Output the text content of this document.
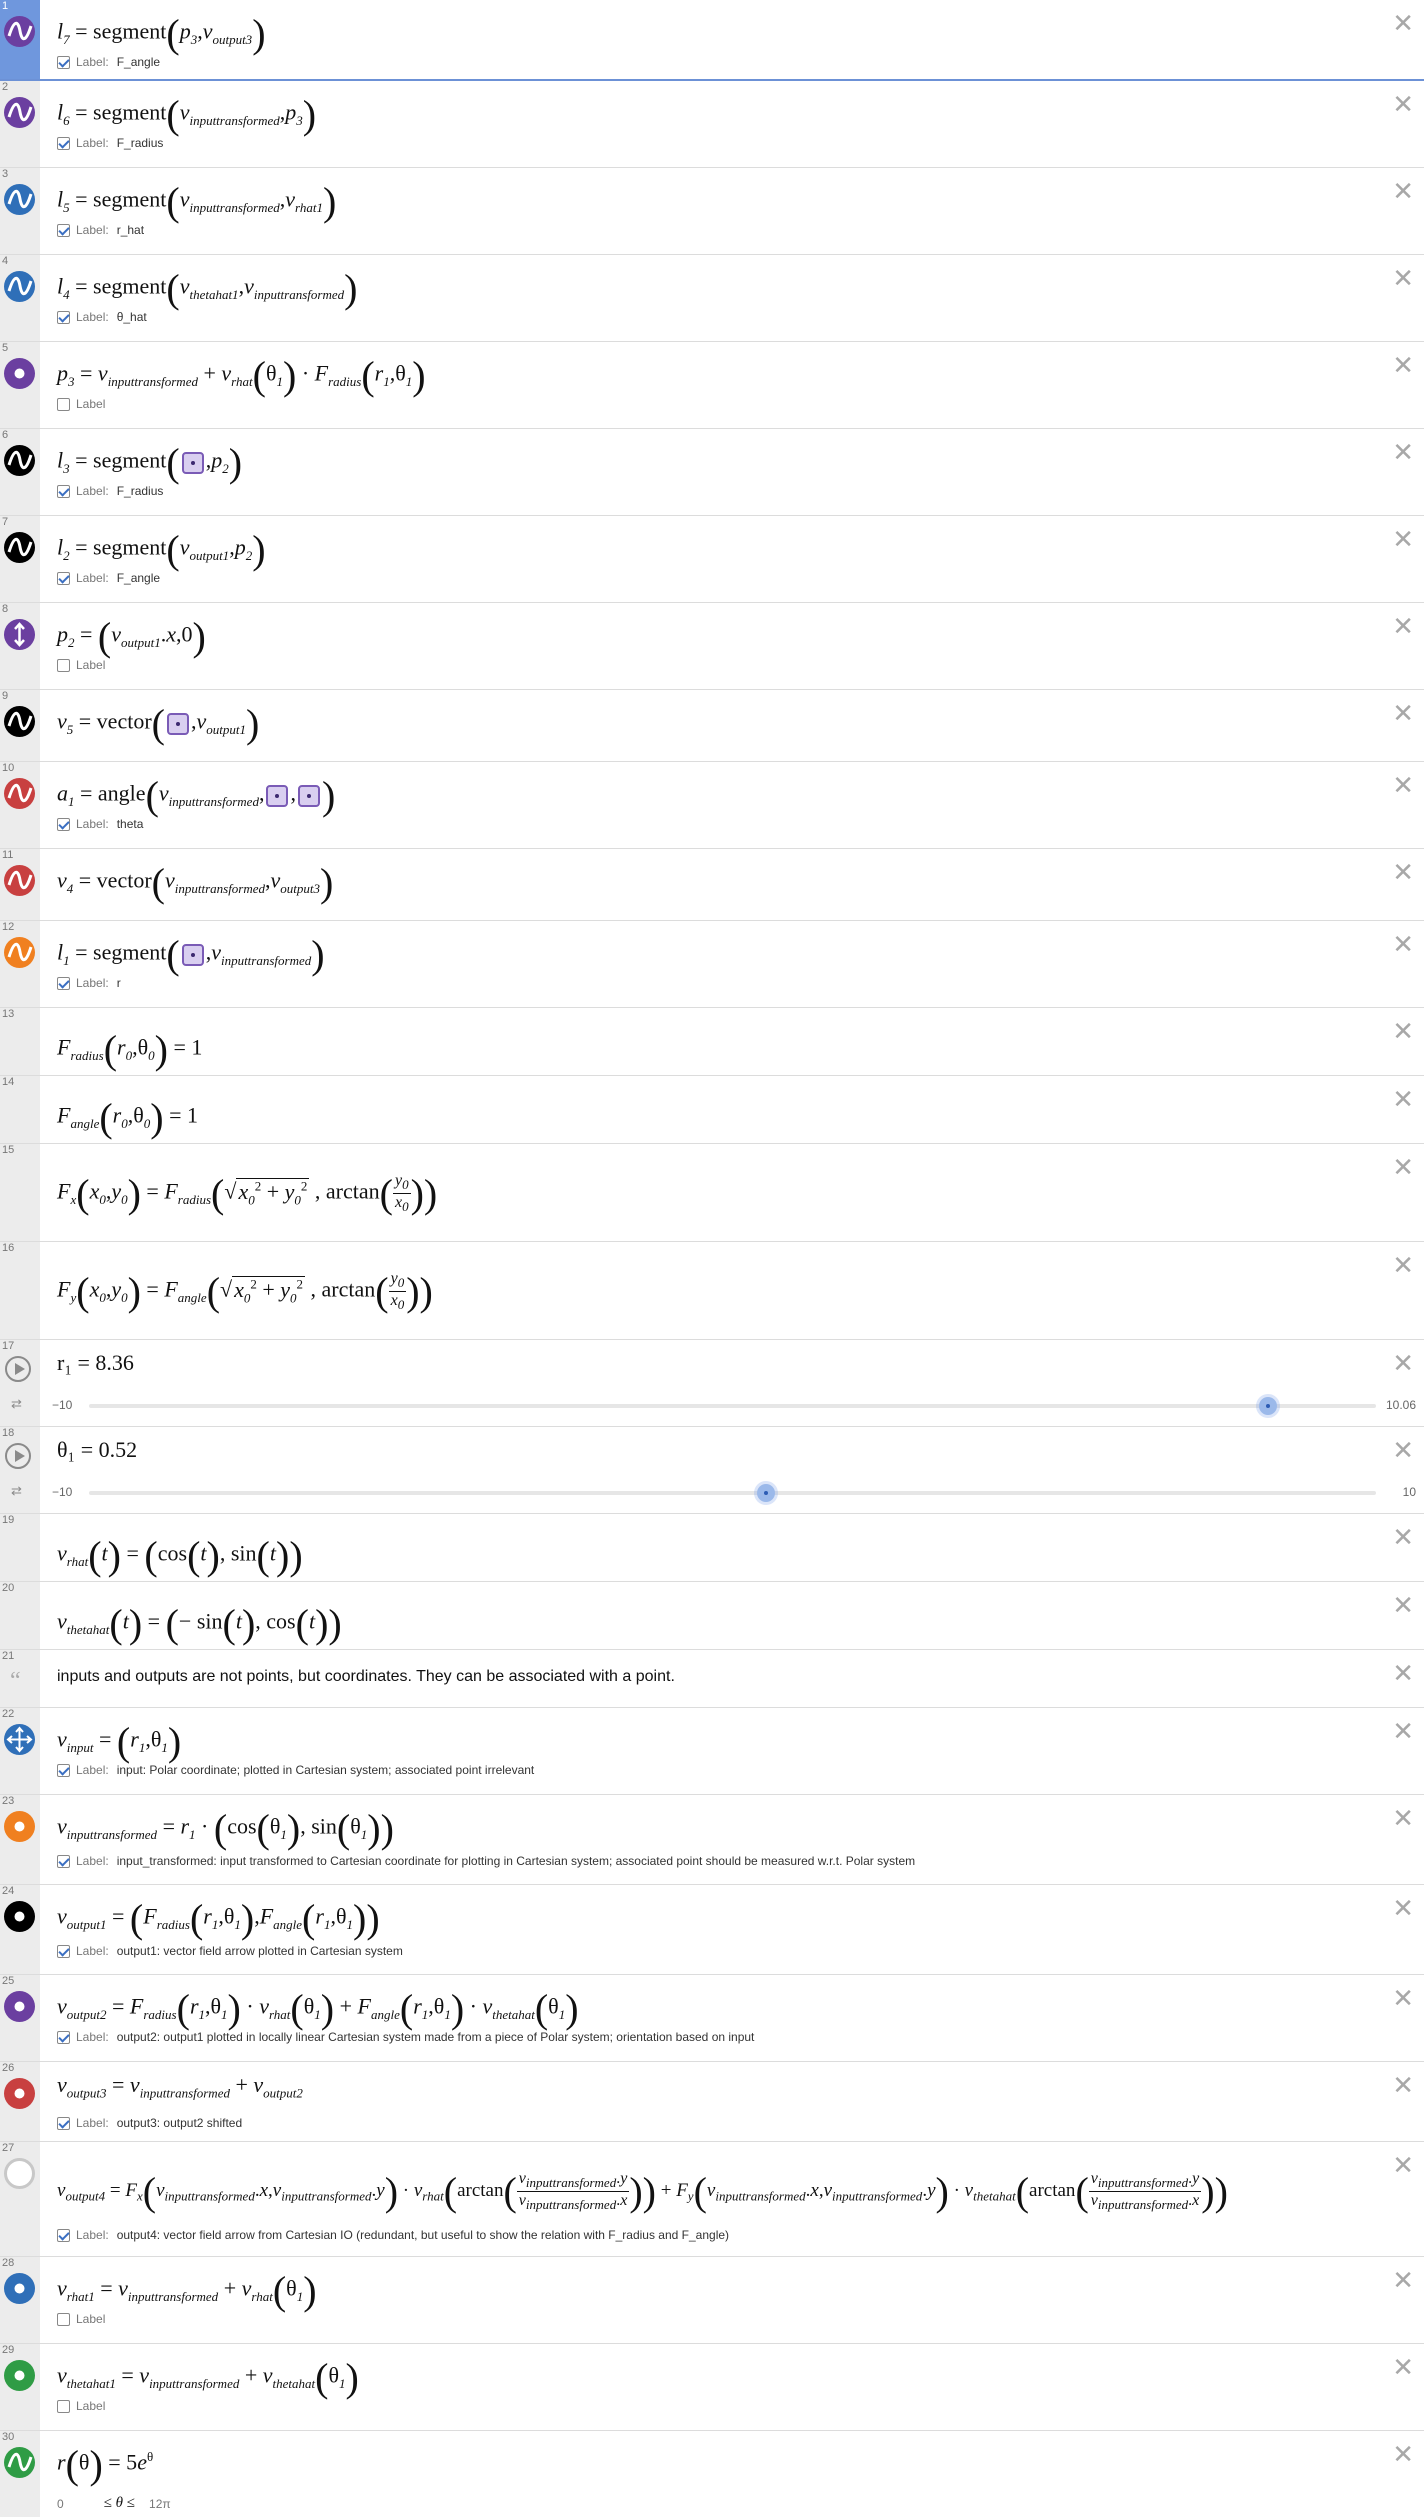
1
$l_7$ = $segment(p_3,v_{output3})$
Label: F_angle
✕
2
$l_6$ = $segment(v_{inputtransformed},p_3)$
Label: F_radius
✕
3
$l_5$ = $segment(v_{inputtransformed},v_{rhat1})$
Label: r_hat
✕
4
$l_4$ = $segment(v_{thetahat1},v_{inputtransformed})$
Label: θ_hat
✕
5
$p_3 = v_{inputtransformed} + v_{rhat}(\theta_1) \cdot F_{radius}(r_1,\theta_1)$
Label
✕
6
$l_3$ = segment( $,p_2$)
Label: F_radius
✕
7
$l_2$ = $segment(v_{output1},p_2)$
Label: F_angle
✕
8
$p_2 = (v_{output1}.x,0)$
Label
✕
9
$v_5$ = vector( $,v_{output1}$)	✕
10
$a_1$ = $angle(v_{inputtransformed}$, , )
Label: theta
✕
11
$v_4$ = $vector(v_{inputtransformed},v_{output3})$	✕
12
$l_1$ = segment( $,v_{inputtransformed}$)
Label: r
✕
13
$F_{radius}(r_0,\theta_0) = 1$
✕
14
$F_{angle}(r_0,\theta_0) = 1$
✕
15
$F_x(x_0,y_0) = F_{radius}(√x_0^2 + y_0^2$ , $\arctan( \frac{y_0}{x_0}$ ))
✕
16
$F_y(x_0,y_0) = F_{angle}(√x_0^2 + y_0^2$ , $\arctan( \frac{y_0}{x_0}$ ))
✕
17
⇄
r₁ = 8.36
−10	10.06
✕
18
⇄
θ₁ = 0.52
−10	10
✕
19
$v_{rhat}(t) = (\cos(t)$, sin(t))	✕
20
$v_{thetahat}(t)$ = (− sin(t), cos(t))	✕
21
“ inputs and outputs are not points, but coordinates. They can be associated with a point.	✕
22
$v_{input} = (r_1,\theta_1)$
Label: input: Polar coordinate; plotted in Cartesian system; associated point irrelevant
✕
23
$v_{inputtransformed} = r_1 \cdot (\cos(\theta_1)$, $\sin(\theta_1)$)
Label: input_transformed: input transformed to Cartesian coordinate for plotting in Cartesian system; associated point should be measured w.r.t. Polar system
✕
24
$v_{output1} = (F_{radius}(r_1,\theta_1),F_{angle}(r_1,\theta_1))$
Label: output1: vector field arrow plotted in Cartesian system
✕
25
$v_{output2} = F_{radius}(r_1,\theta_1) \cdot v_{rhat}(\theta_1) + F_{angle}(r_1,\theta_1) \cdot v_{thetahat}(\theta_1)$
Label: output2: output1 plotted in locally linear Cartesian system made from a piece of Polar system; orientation based on input
✕
26
$v_{output3} = v_{inputtransformed} + v_{output2}$
Label: output3: output2 shifted
✕
27
$v_{output4} = F_x(v_{inputtransformed}.x,v_{inputtransformed}.y) \cdot v_{rhat}(\arctan( \frac{v_{inputtransformed}.y}{v_{inputtransformed}.x}$ )) + $F_y(v_{inputtransformed}.x,v_{inputtransformed}.y) \cdot v_{thetahat}(\arctan( \frac{v_{inputtransformed}.y}{v_{inputtransformed}.x}$ ))
Label: output4: vector field arrow from Cartesian IO (redundant, but useful to show the relation with F_radius and F_angle)
✕
28
$v_{rhat1} = v_{inputtransformed} + v_{rhat}(\theta_1)$
Label
✕
29
$v_{thetahat1} = v_{inputtransformed} + v_{thetahat}(\theta_1)$
Label
✕
30
$r(\theta) = 5e^\theta$
0	≤ θ ≤ 12π
✕
